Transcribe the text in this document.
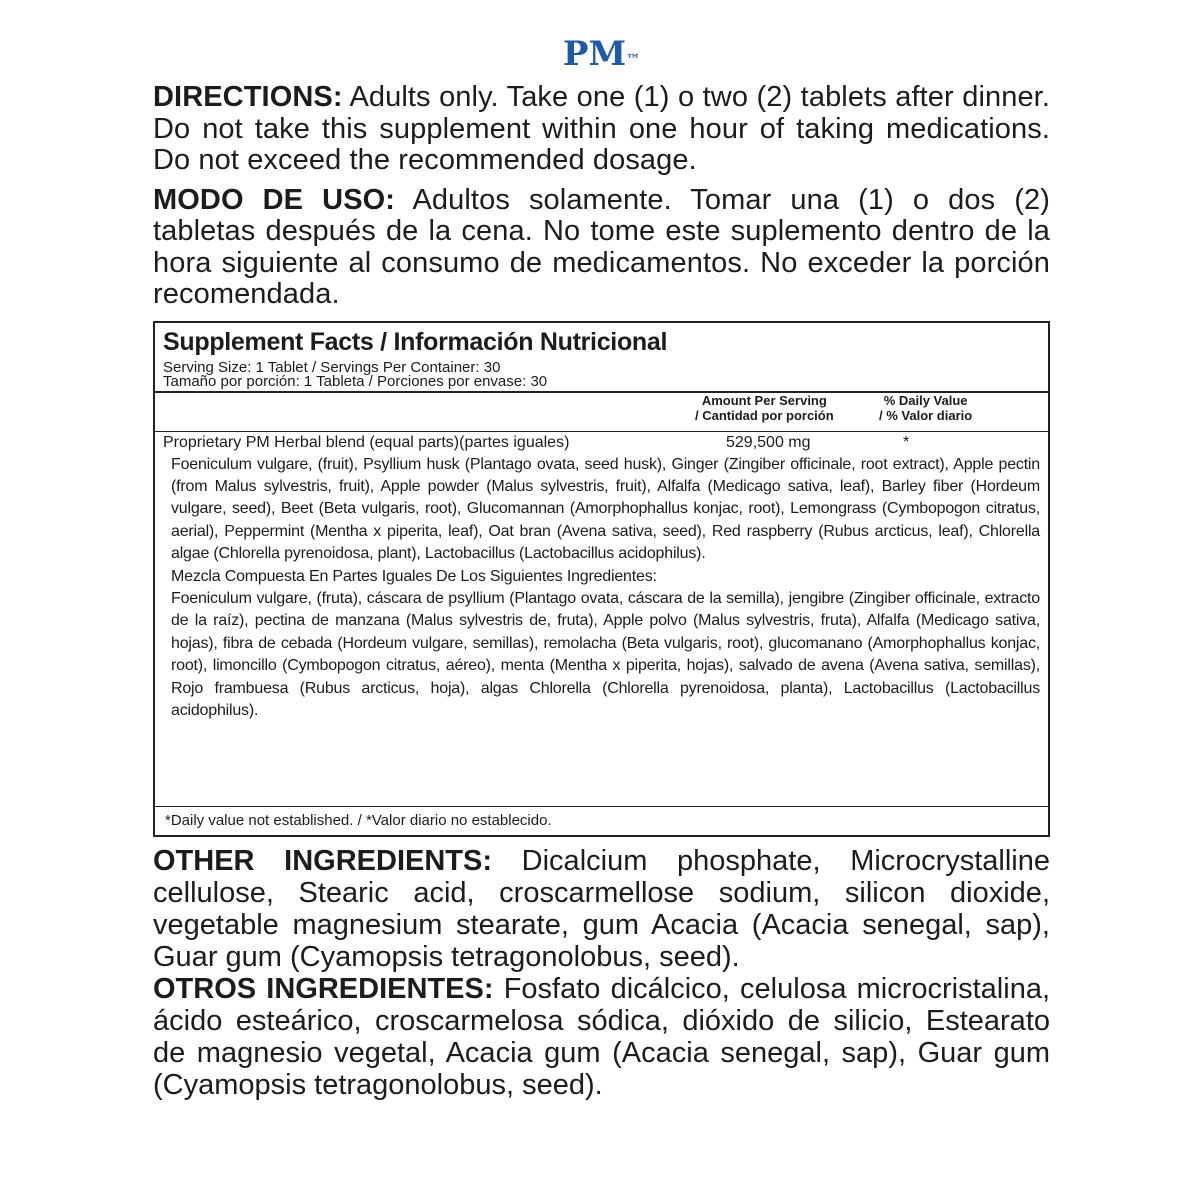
PM™

DIRECTIONS: Adults only. Take one (1) o two (2) tablets after dinner. Do not take this supplement within one hour of taking medications. Do not exceed the recommended dosage.

MODO DE USO: Adultos solamente. Tomar una (1) o dos (2) tabletas después de la cena. No tome este suplemento dentro de la hora siguiente al consumo de medicamentos. No exceder la porción recomendada.

Supplement Facts / Información Nutricional

Serving Size: 1 Tablet / Servings Per Container: 30

Tamaño por porción: 1 Tableta / Porciones por envase: 30

Amount Per Serving
/ Cantidad por porción
% Daily Value
/ % Valor diario
Proprietary PM Herbal blend (equal parts)(partes iguales)	529,500 mg	*

Foeniculum vulgare, (fruit), Psyllium husk (Plantago ovata, seed husk), Ginger (Zingiber officinale, root extract), Apple pectin (from Malus sylvestris, fruit), Apple powder (Malus sylvestris, fruit), Alfalfa (Medicago sativa, leaf), Barley fiber (Hordeum vulgare, seed), Beet (Beta vulgaris, root), Glucomannan (Amorphophallus konjac, root), Lemongrass (Cymbopogon citratus, aerial), Peppermint (Mentha x piperita, leaf), Oat bran (Avena sativa, seed), Red raspberry (Rubus arcticus, leaf), Chlorella algae (Chlorella pyrenoidosa, plant), Lactobacillus (Lactobacillus acidophilus).

Mezcla Compuesta En Partes Iguales De Los Siguientes Ingredientes:

Foeniculum vulgare, (fruta), cáscara de psyllium (Plantago ovata, cáscara de la semilla), jengibre (Zingiber officinale, extracto de la raíz), pectina de manzana (Malus sylvestris de, fruta), Apple polvo (Malus sylvestris, fruta), Alfalfa (Medicago sativa, hojas), fibra de cebada (Hordeum vulgare, semillas), remolacha (Beta vulgaris, root), glucomanano (Amorphophallus konjac, root), limoncillo (Cymbopogon citratus, aéreo), menta (Mentha x piperita, hojas), salvado de avena (Avena sativa, semillas), Rojo frambuesa (Rubus arcticus, hoja), algas Chlorella (Chlorella pyrenoidosa, planta), Lactobacillus (Lactobacillus acidophilus).

*Daily value not established. / *Valor diario no establecido.

OTHER INGREDIENTS: Dicalcium phosphate, Microcrystalline cellulose, Stearic acid, croscarmellose sodium, silicon dioxide, vegetable magnesium stearate, gum Acacia (Acacia senegal, sap), Guar gum (Cyamopsis tetragonolobus, seed).

OTROS INGREDIENTES: Fosfato dicálcico, celulosa microcristalina, ácido esteárico, croscarmelosa sódica, dióxido de silicio, Estearato de magnesio vegetal, Acacia gum (Acacia senegal, sap), Guar gum (Cyamopsis tetragonolobus, seed).
